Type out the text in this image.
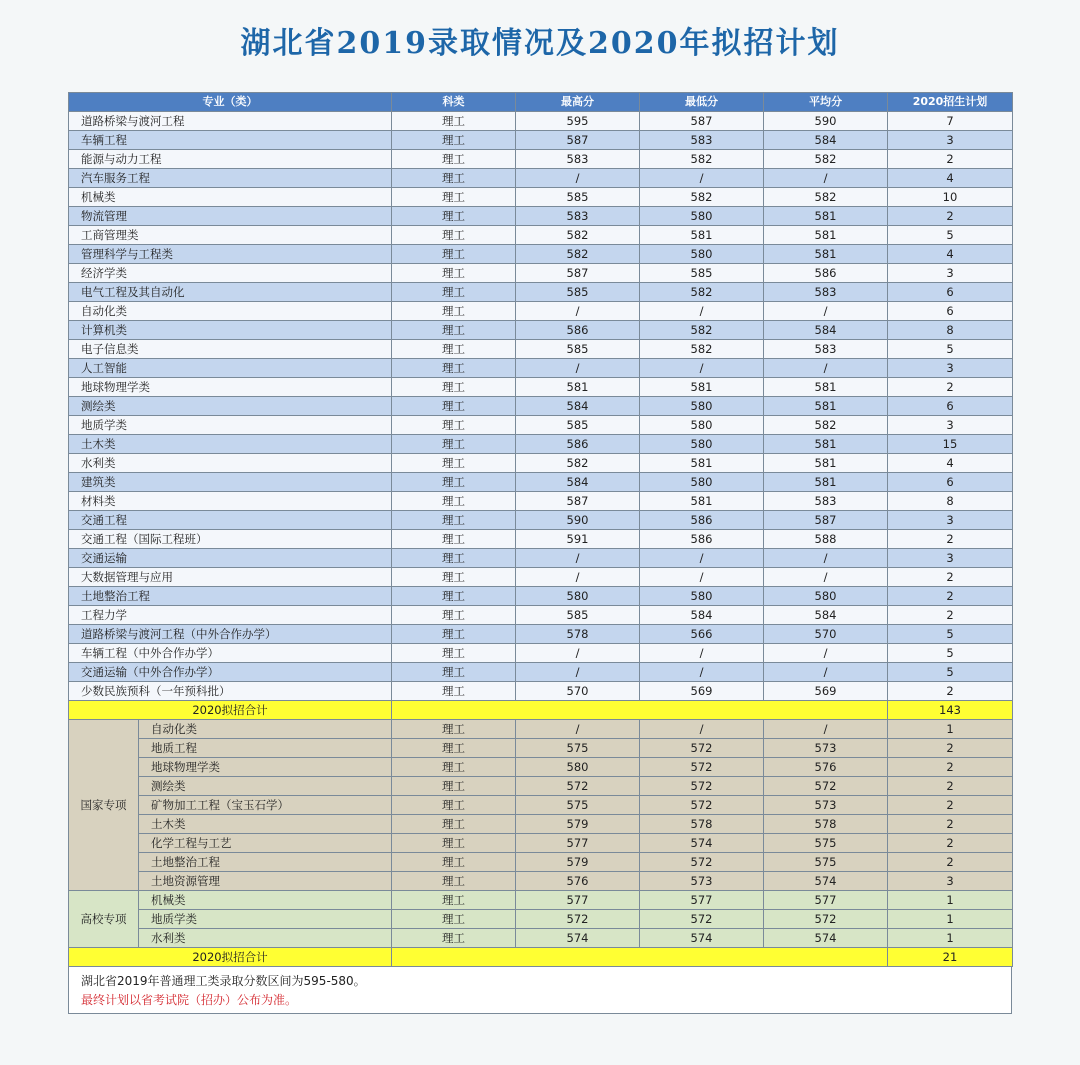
湖北省2019录取情况及2020年拟招计划
专业（类）		科类	最高分	最低分	平均分	2020招生计划
道路桥梁与渡河工程		理工	595	587	590	7
车辆工程		理工	587	583	584	3
能源与动力工程		理工	583	582	582	2
汽车服务工程		理工	/	/	/	4
机械类		理工	585	582	582	10
物流管理		理工	583	580	581	2
工商管理类		理工	582	581	581	5
管理科学与工程类		理工	582	580	581	4
经济学类		理工	587	585	586	3
电气工程及其自动化		理工	585	582	583	6
自动化类		理工	/	/	/	6
计算机类		理工	586	582	584	8
电子信息类		理工	585	582	583	5
人工智能		理工	/	/	/	3
地球物理学类		理工	581	581	581	2
测绘类		理工	584	580	581	6
地质学类		理工	585	580	582	3
土木类		理工	586	580	581	15
水利类		理工	582	581	581	4
建筑类		理工	584	580	581	6
材料类		理工	587	581	583	8
交通工程		理工	590	586	587	3
交通工程（国际工程班）		理工	591	586	588	2
交通运输		理工	/	/	/	3
大数据管理与应用		理工	/	/	/	2
土地整治工程		理工	580	580	580	2
工程力学		理工	585	584	584	2
道路桥梁与渡河工程（中外合作办学）		理工	578	566	570	5
车辆工程（中外合作办学）		理工	/	/	/	5
交通运输（中外合作办学）		理工	/	/	/	5
少数民族预科（一年预科批）		理工	570	569	569	2
2020拟招合计						143
国家专项	自动化类	理工	/	/	/	1
	地质工程	理工	575	572	573	2
	地球物理学类	理工	580	572	576	2
	测绘类	理工	572	572	572	2
	矿物加工工程（宝玉石学）	理工	575	572	573	2
	土木类	理工	579	578	578	2
	化学工程与工艺	理工	577	574	575	2
	土地整治工程	理工	579	572	575	2
	土地资源管理	理工	576	573	574	3
高校专项	机械类	理工	577	577	577	1
	地质学类	理工	572	572	572	1
	水利类	理工	574	574	574	1
2020拟招合计						21
湖北省2019年普通理工类录取分数区间为595-580。
最终计划以省考试院（招办）公布为准。
